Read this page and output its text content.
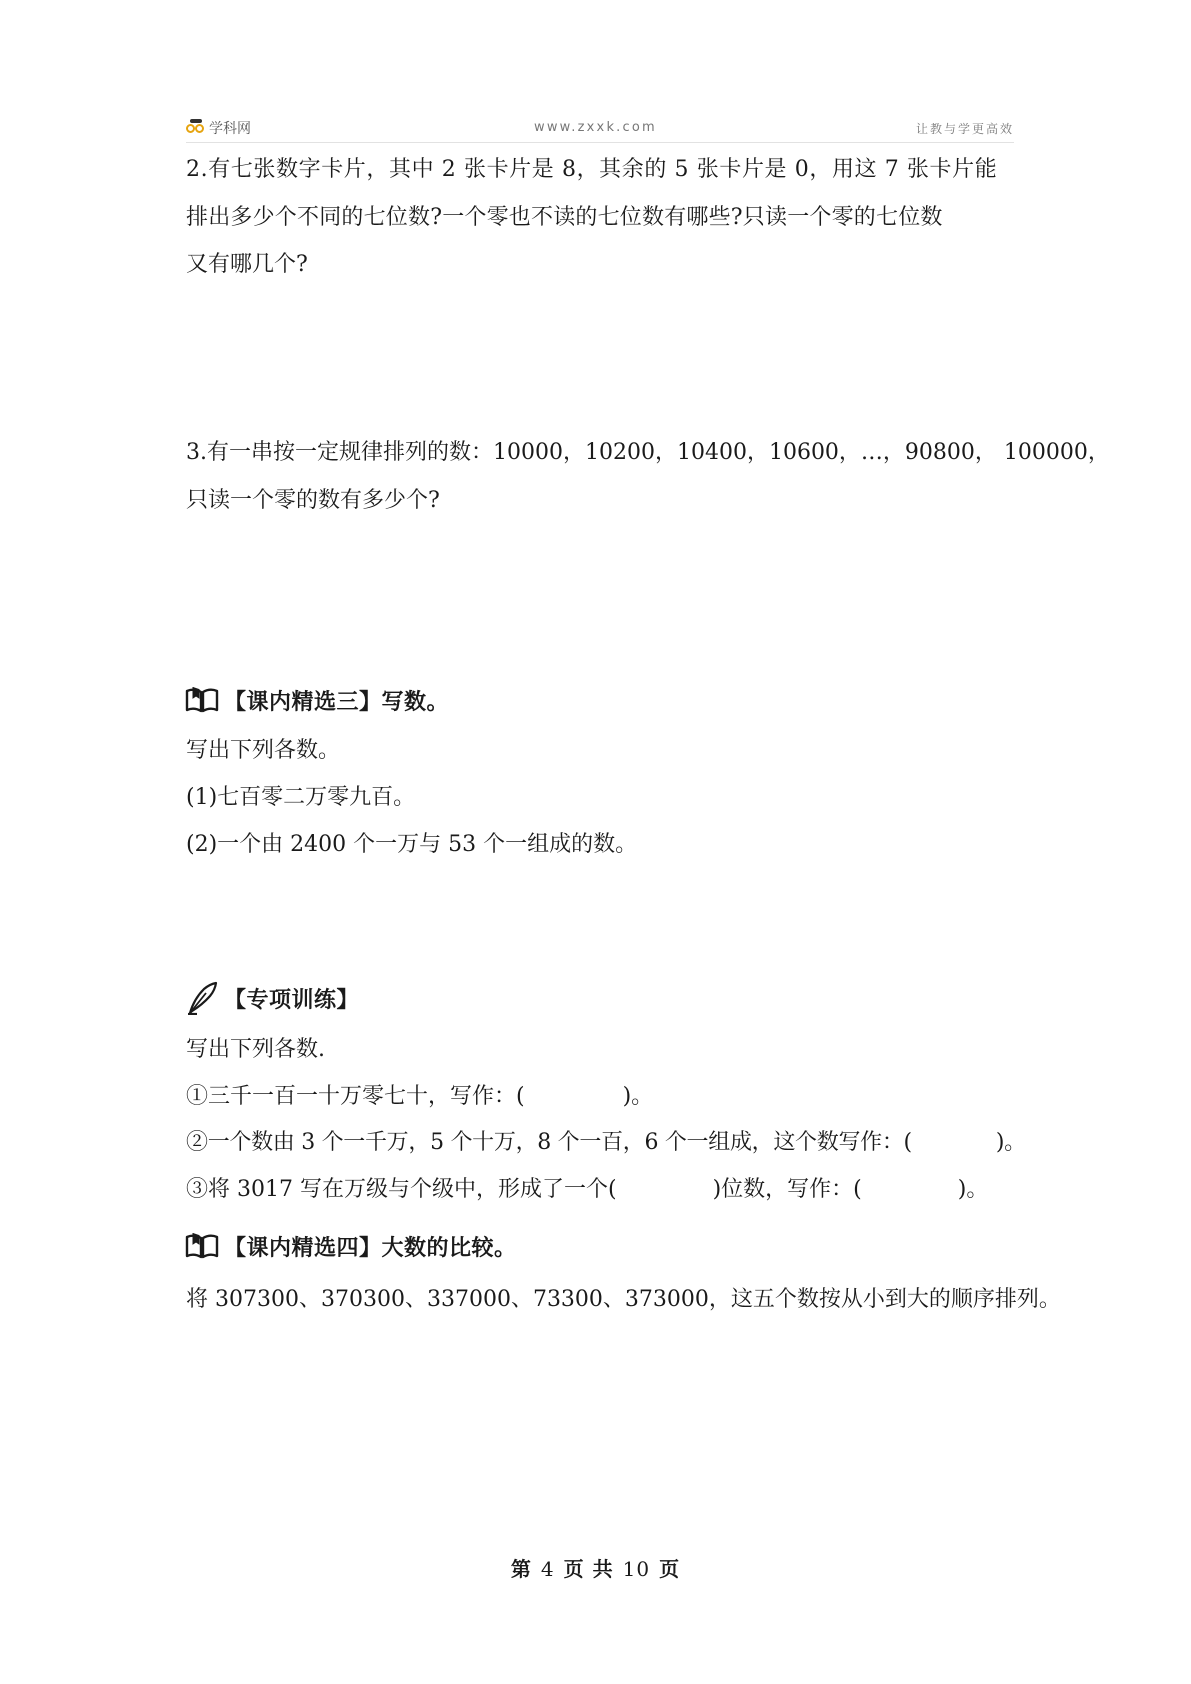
学科网	www.zxxk.com	让教与学更高效
2.有七张数字卡片，其中 2 张卡片是 8，其余的 5 张卡片是 0，用这 7 张卡片能
排出多少个不同的七位数?一个零也不读的七位数有哪些?只读一个零的七位数
又有哪几个?
3.有一串按一定规律排列的数：10000，10200，10400，10600，…，90800， 100000，
只读一个零的数有多少个?
【课内精选三】写数。
写出下列各数。
(1)七百零二万零九百。
(2)一个由 2400 个一万与 53 个一组成的数。
【专项训练】
写出下列各数.
①三千一百一十万零七十，写作：(	)。
②一个数由 3 个一千万，5 个十万，8 个一百，6 个一组成，这个数写作：(	)。
③将 3017 写在万级与个级中，形成了一个(	)位数，写作：(	)。
【课内精选四】大数的比较。
将 307300、370300、337000、73300、373000，这五个数按从小到大的顺序排列。
第 4 页 共 10 页
